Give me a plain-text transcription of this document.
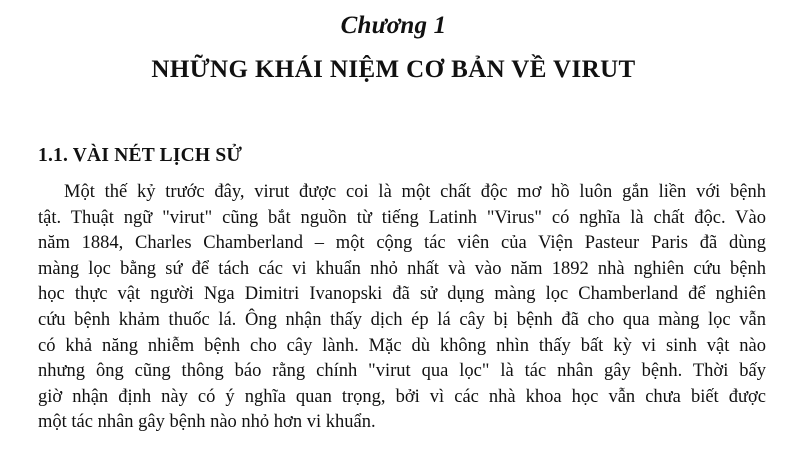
Chương 1
NHỮNG KHÁI NIỆM CƠ BẢN VỀ VIRUT
1.1. VÀI NÉT LỊCH SỬ
Một thế kỷ trước đây, virut được coi là một chất độc mơ hồ luôn gắn liền với bệnh
tật. Thuật ngữ "virut" cũng bắt nguồn từ tiếng Latinh "Virus" có nghĩa là chất độc. Vào
năm 1884, Charles Chamberland – một cộng tác viên của Viện Pasteur Paris đã dùng
màng lọc bằng sứ để tách các vi khuẩn nhỏ nhất và vào năm 1892 nhà nghiên cứu bệnh
học thực vật người Nga Dimitri Ivanopski đã sử dụng màng lọc Chamberland để nghiên
cứu bệnh khảm thuốc lá. Ông nhận thấy dịch ép lá cây bị bệnh đã cho qua màng lọc vẫn
có khả năng nhiễm bệnh cho cây lành. Mặc dù không nhìn thấy bất kỳ vi sinh vật nào
nhưng ông cũng thông báo rằng chính "virut qua lọc" là tác nhân gây bệnh. Thời bấy
giờ nhận định này có ý nghĩa quan trọng, bởi vì các nhà khoa học vẫn chưa biết được
một tác nhân gây bệnh nào nhỏ hơn vi khuẩn.
